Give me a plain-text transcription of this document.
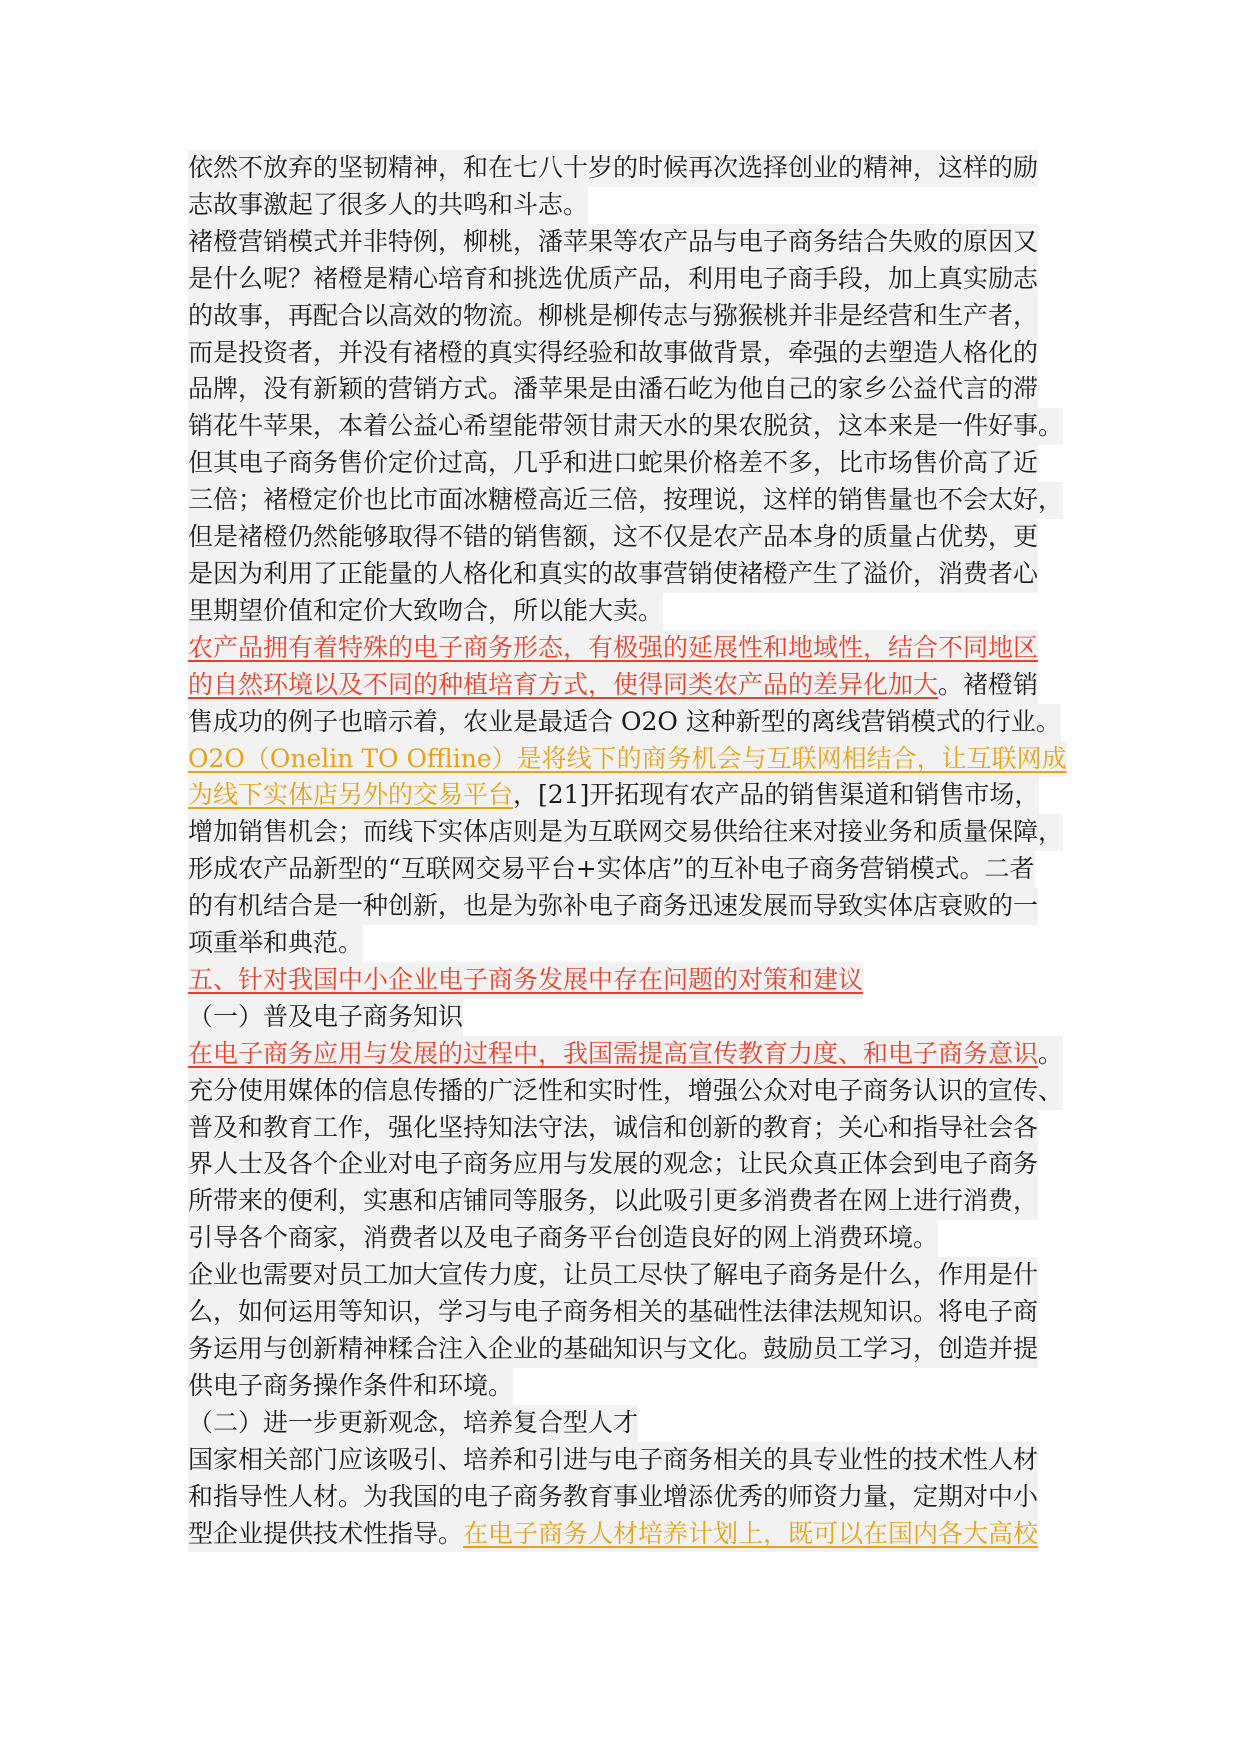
依然不放弃的坚韧精神，和在七八十岁的时候再次选择创业的精神，这样的励
志故事激起了很多人的共鸣和斗志。

褚橙营销模式并非特例，柳桃，潘苹果等农产品与电子商务结合失败的原因又
是什么呢？褚橙是精心培育和挑选优质产品，利用电子商手段，加上真实励志
的故事，再配合以高效的物流。柳桃是柳传志与猕猴桃并非是经营和生产者，
而是投资者，并没有褚橙的真实得经验和故事做背景，牵强的去塑造人格化的
品牌，没有新颖的营销方式。潘苹果是由潘石屹为他自己的家乡公益代言的滞
销花牛苹果，本着公益心希望能带领甘肃天水的果农脱贫，这本来是一件好事。
但其电子商务售价定价过高，几乎和进口蛇果价格差不多，比市场售价高了近
三倍；褚橙定价也比市面冰糖橙高近三倍，按理说，这样的销售量也不会太好，
但是褚橙仍然能够取得不错的销售额，这不仅是农产品本身的质量占优势，更
是因为利用了正能量的人格化和真实的故事营销使褚橙产生了溢价，消费者心
里期望价值和定价大致吻合，所以能大卖。

农产品拥有着特殊的电子商务形态，有极强的延展性和地域性，结合不同地区
的自然环境以及不同的种植培育方式，使得同类农产品的差异化加大。褚橙销
售成功的例子也暗示着，农业是最适合 O2O 这种新型的离线营销模式的行业。

O2O（Onelin TO Offline）是将线下的商务机会与互联网相结合，让互联网成
为线下实体店另外的交易平台，[21]开拓现有农产品的销售渠道和销售市场，
增加销售机会；而线下实体店则是为互联网交易供给往来对接业务和质量保障，
形成农产品新型的“互联网交易平台+实体店”的互补电子商务营销模式。二者
的有机结合是一种创新，也是为弥补电子商务迅速发展而导致实体店衰败的一
项重举和典范。

五、针对我国中小企业电子商务发展中存在问题的对策和建议

（一）普及电子商务知识

在电子商务应用与发展的过程中，我国需提高宣传教育力度、和电子商务意识。
充分使用媒体的信息传播的广泛性和实时性，增强公众对电子商务认识的宣传、
普及和教育工作，强化坚持知法守法，诚信和创新的教育；关心和指导社会各
界人士及各个企业对电子商务应用与发展的观念；让民众真正体会到电子商务
所带来的便利，实惠和店铺同等服务，以此吸引更多消费者在网上进行消费，
引导各个商家，消费者以及电子商务平台创造良好的网上消费环境。

企业也需要对员工加大宣传力度，让员工尽快了解电子商务是什么，作用是什
么，如何运用等知识，学习与电子商务相关的基础性法律法规知识。将电子商
务运用与创新精神糅合注入企业的基础知识与文化。鼓励员工学习，创造并提
供电子商务操作条件和环境。

（二）进一步更新观念，培养复合型人才

国家相关部门应该吸引、培养和引进与电子商务相关的具专业性的技术性人材
和指导性人材。为我国的电子商务教育事业增添优秀的师资力量，定期对中小
型企业提供技术性指导。在电子商务人材培养计划上，既可以在国内各大高校
